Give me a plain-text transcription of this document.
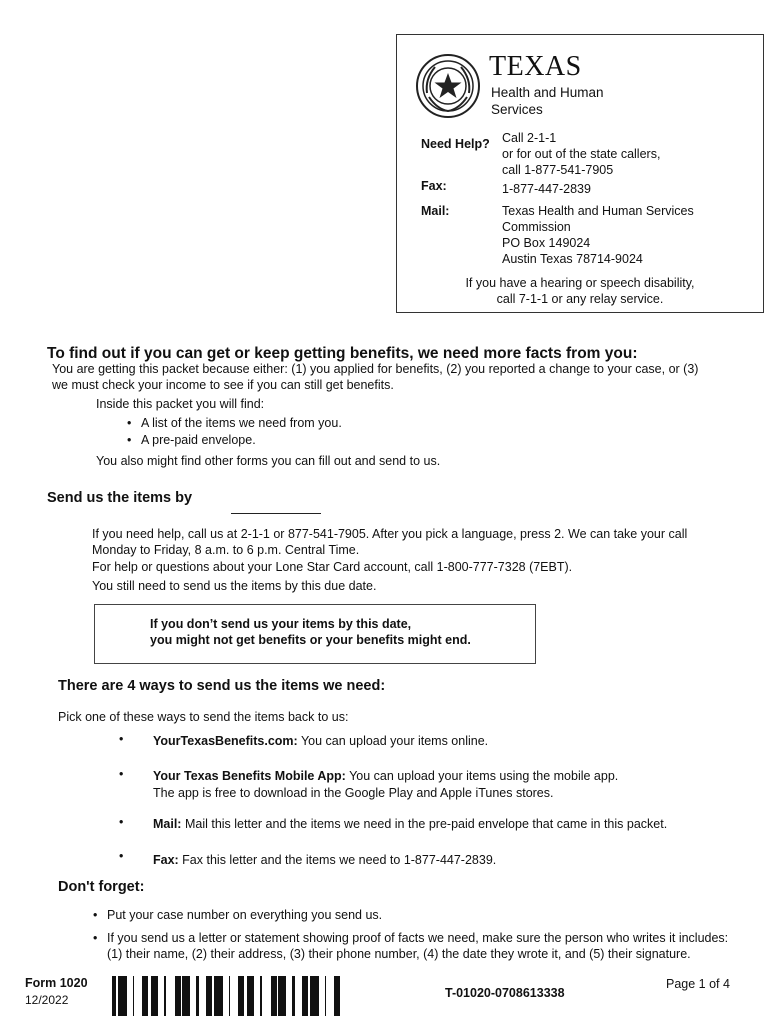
TEXAS
Health and Human
Services
Need Help? Call 2-1-1
or for out of the state callers,
call 1-877-541-7905
Fax:	1-877-447-2839
Mail:	Texas Health and Human Services
Commission
PO Box 149024
Austin Texas 78714-9024
If you have a hearing or speech disability,
call 7-1-1 or any relay service.
To find out if you can get or keep getting benefits, we need more facts from you:
You are getting this packet because either: (1) you applied for benefits, (2) you reported a change to your case, or (3)
we must check your income to see if you can still get benefits.
Inside this packet you will find:
• A list of the items we need from you.
• A pre-paid envelope.
You also might find other forms you can fill out and send to us.
Send us the items by
If you need help, call us at 2-1-1 or 877-541-7905. After you pick a language, press 2. We can take your call
Monday to Friday, 8 a.m. to 6 p.m. Central Time.
For help or questions about your Lone Star Card account, call 1-800-777-7328 (7EBT).
You still need to send us the items by this due date.
If you don’t send us your items by this date,
you might not get benefits or your benefits might end.
There are 4 ways to send us the items we need:
Pick one of these ways to send the items back to us:
• YourTexasBenefits.com: You can upload your items online.
• Your Texas Benefits Mobile App: You can upload your items using the mobile app.
The app is free to download in the Google Play and Apple iTunes stores.
• Mail: Mail this letter and the items we need in the pre-paid envelope that came in this packet.
• Fax: Fax this letter and the items we need to 1-877-447-2839.
Don't forget:
• Put your case number on everything you send us.
• If you send us a letter or statement showing proof of facts we need, make sure the person who writes it includes:
(1) their name, (2) their address, (3) their phone number, (4) the date they wrote it, and (5) their signature.
Form 1020
12/2022	T-01020-0708613338
Page 1 of 4
